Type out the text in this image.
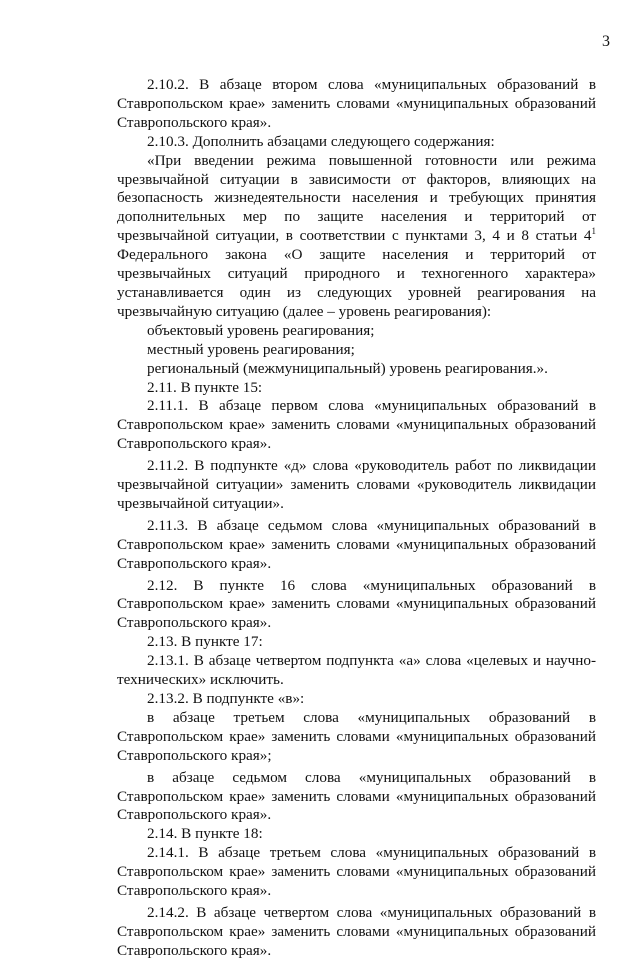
3

2.10.2. В абзаце втором слова «муниципальных образований в Ставропольском крае» заменить словами «муниципальных образований Ставропольского края».

2.10.3. Дополнить абзацами следующего содержания:

«При введении режима повышенной готовности или режима чрезвычайной ситуации в зависимости от факторов, влияющих на безопасность жизнедеятельности населения и требующих принятия дополнительных мер по защите населения и территорий от чрезвычайной ситуации, в соответствии с пунктами 3, 4 и 8 статьи $4^1$ Федерального закона «О защите населения и территорий от чрезвычайных ситуаций природного и техногенного характера» устанавливается один из следующих уровней реагирования на чрезвычайную ситуацию (далее – уровень реагирования):

объектовый уровень реагирования;

местный уровень реагирования;

региональный (межмуниципальный) уровень реагирования.».

2.11. В пункте 15:

2.11.1. В абзаце первом слова «муниципальных образований в Ставропольском крае» заменить словами «муниципальных образований Ставропольского края».

2.11.2. В подпункте «д» слова «руководитель работ по ликвидации чрезвычайной ситуации» заменить словами «руководитель ликвидации чрезвычайной ситуации».

2.11.3. В абзаце седьмом слова «муниципальных образований в Ставропольском крае» заменить словами «муниципальных образований Ставропольского края».

2.12. В пункте 16 слова «муниципальных образований в Ставропольском крае» заменить словами «муниципальных образований Ставропольского края».

2.13. В пункте 17:

2.13.1. В абзаце четвертом подпункта «а» слова «целевых и научно-технических» исключить.

2.13.2. В подпункте «в»:

в абзаце третьем слова «муниципальных образований в Ставропольском крае» заменить словами «муниципальных образований Ставропольского края»;

в абзаце седьмом слова «муниципальных образований в Ставропольском крае» заменить словами «муниципальных образований Ставропольского края».

2.14. В пункте 18:

2.14.1. В абзаце третьем слова «муниципальных образований в Ставропольском крае» заменить словами «муниципальных образований Ставропольского края».

2.14.2. В абзаце четвертом слова «муниципальных образований в Ставропольском крае» заменить словами «муниципальных образований Ставропольского края».
